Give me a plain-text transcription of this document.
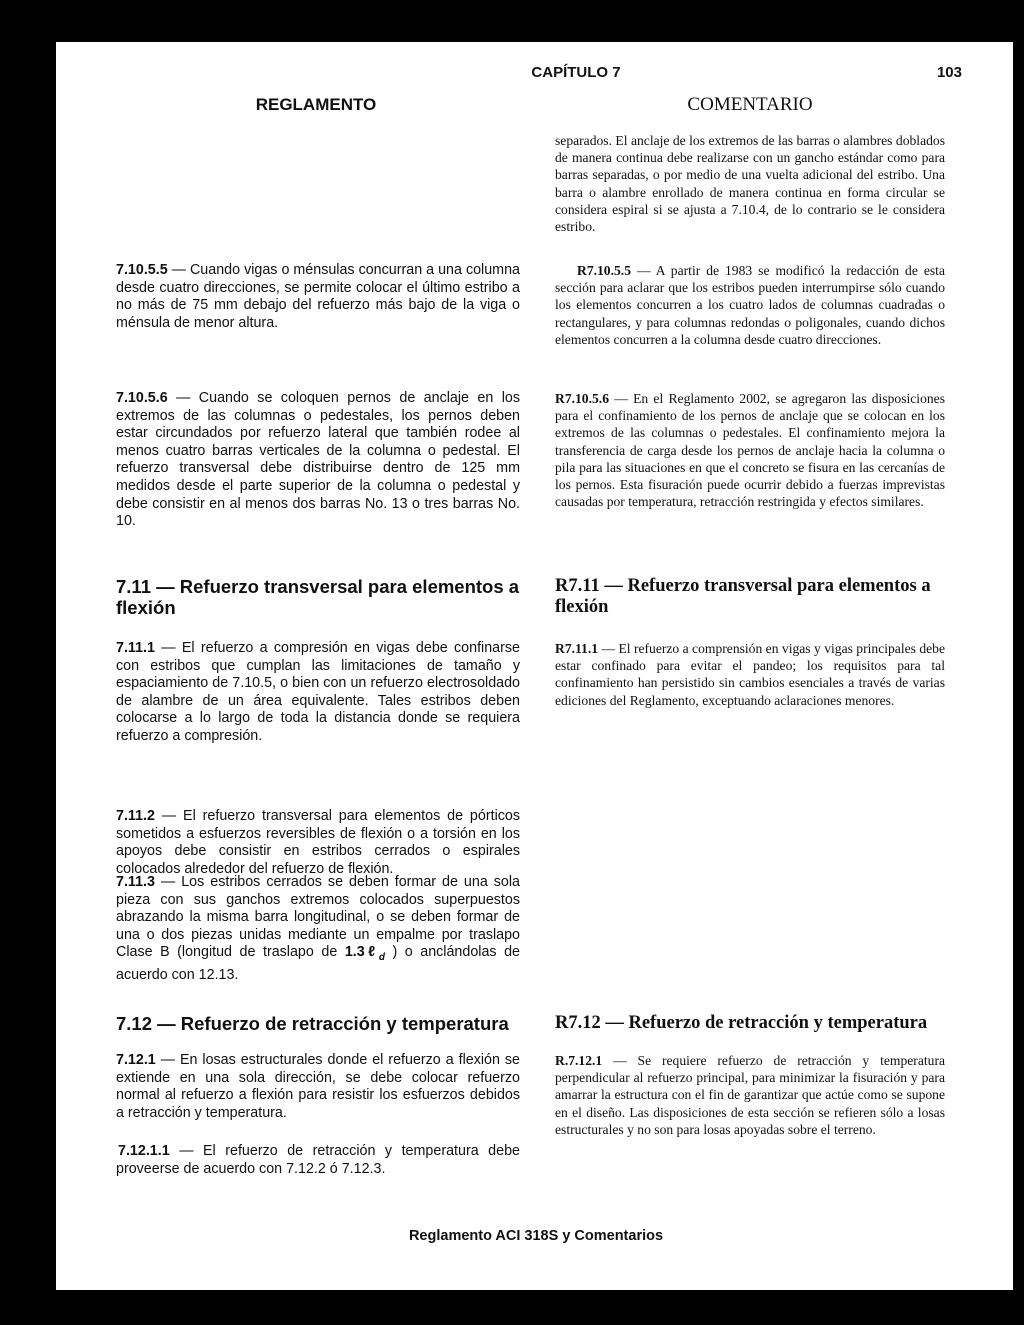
CAPÍTULO 7	103
REGLAMENTO	COMENTARIO
7.10.5.5 — Cuando vigas o ménsulas concurran a una columna desde cuatro direcciones, se permite colocar el último estribo a no más de 75 mm debajo del refuerzo más bajo de la viga o ménsula de menor altura.
7.10.5.6 — Cuando se coloquen pernos de anclaje en los extremos de las columnas o pedestales, los pernos deben estar circundados por refuerzo lateral que también rodee al menos cuatro barras verticales de la columna o pedestal. El refuerzo transversal debe distribuirse dentro de 125 mm medidos desde el parte superior de la columna o pedestal y debe consistir en al menos dos barras No. 13 o tres barras No. 10.
7.11 — Refuerzo transversal para elementos a flexión
7.11.1 — El refuerzo a compresión en vigas debe confinarse con estribos que cumplan las limitaciones de tamaño y espaciamiento de 7.10.5, o bien con un refuerzo electrosoldado de alambre de un área equivalente. Tales estribos deben colocarse a lo largo de toda la distancia donde se requiera refuerzo a compresión.
7.11.2 — El refuerzo transversal para elementos de pórticos sometidos a esfuerzos reversibles de flexión o a torsión en los apoyos debe consistir en estribos cerrados o espirales colocados alrededor del refuerzo de flexión.
7.11.3 — Los estribos cerrados se deben formar de una sola pieza con sus ganchos extremos colocados superpuestos abrazando la misma barra longitudinal, o se deben formar de una o dos piezas unidas mediante un empalme por traslapo Clase B (longitud de traslapo de 1.3ℓ$_d$ ) o anclándolas de acuerdo con 12.13.
7.12 — Refuerzo de retracción y temperatura
7.12.1 — En losas estructurales donde el refuerzo a flexión se extiende en una sola dirección, se debe colocar refuerzo normal al refuerzo a flexión para resistir los esfuerzos debidos a retracción y temperatura.
7.12.1.1 — El refuerzo de retracción y temperatura debe proveerse de acuerdo con 7.12.2 ó 7.12.3.
separados. El anclaje de los extremos de las barras o alambres doblados de manera continua debe realizarse con un gancho estándar como para barras separadas, o por medio de una vuelta adicional del estribo. Una barra o alambre enrollado de manera continua en forma circular se considera espiral si se ajusta a 7.10.4, de lo contrario se le considera estribo.
R7.10.5.5 — A partir de 1983 se modificó la redacción de esta sección para aclarar que los estribos pueden interrumpirse sólo cuando los elementos concurren a los cuatro lados de columnas cuadradas o rectangulares, y para columnas redondas o poligonales, cuando dichos elementos concurren a la columna desde cuatro direcciones.
R7.10.5.6 — En el Reglamento 2002, se agregaron las disposiciones para el confinamiento de los pernos de anclaje que se colocan en los extremos de las columnas o pedestales. El confinamiento mejora la transferencia de carga desde los pernos de anclaje hacia la columna o pila para las situaciones en que el concreto se fisura en las cercanías de los pernos. Esta fisuración puede ocurrir debido a fuerzas imprevistas causadas por temperatura, retracción restringida y efectos similares.
R7.11 — Refuerzo transversal para elementos a flexión
R7.11.1 — El refuerzo a comprensión en vigas y vigas principales debe estar confinado para evitar el pandeo; los requisitos para tal confinamiento han persistido sin cambios esenciales a través de varias ediciones del Reglamento, exceptuando aclaraciones menores.
R7.12 — Refuerzo de retracción y temperatura
R.7.12.1 — Se requiere refuerzo de retracción y temperatura perpendicular al refuerzo principal, para minimizar la fisuración y para amarrar la estructura con el fin de garantizar que actúe como se supone en el diseño. Las disposiciones de esta sección se refieren sólo a losas estructurales y no son para losas apoyadas sobre el terreno.
Reglamento ACI 318S y Comentarios
